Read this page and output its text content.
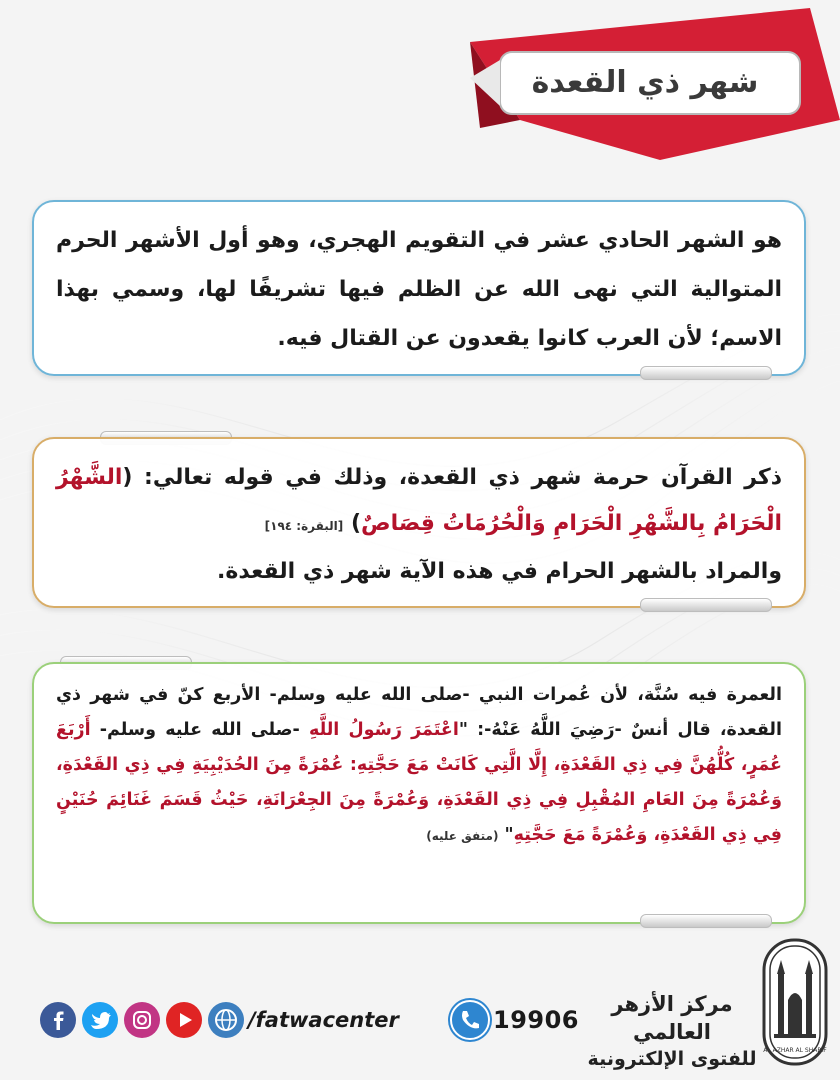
شهر ذي القعدة
هو الشهر الحادي عشر في التقويم الهجري، وهو أول الأشهر الحرم المتوالية التي نهى الله عن الظلم فيها تشريفًا لها، وسمي بهذا الاسم؛ لأن العرب كانوا يقعدون عن القتال فيه.
ذكر القرآن حرمة شهر ذي القعدة، وذلك في قوله تعالي: (الشَّهْرُ الْحَرَامُ بِالشَّهْرِ الْحَرَامِ وَالْحُرُمَاتُ قِصَاصٌ) [البقرة: ١٩٤]
والمراد بالشهر الحرام في هذه الآية شهر ذي القعدة.
العمرة فيه سُنَّة، لأن عُمرات النبي -صلى الله عليه وسلم- الأربع كنّ في شهر ذي القعدة، قال أنسٌ -رَضِيَ اللَّهُ عَنْهُ-: "اعْتَمَرَ رَسُولُ اللَّهِ -صلى الله عليه وسلم- أَرْبَعَ عُمَرٍ، كُلُّهُنَّ فِي ذِي القَعْدَةِ، إِلَّا الَّتِي كَانَتْ مَعَ حَجَّتِهِ: عُمْرَةً مِنَ الحُدَيْبِيَةِ فِي ذِي القَعْدَةِ، وَعُمْرَةً مِنَ العَامِ المُقْبِلِ فِي ذِي القَعْدَةِ، وَعُمْرَةً مِنَ الجِعْرَانَةِ، حَيْثُ قَسَمَ غَنَائِمَ حُنَيْنٍ فِي ذِي القَعْدَةِ، وَعُمْرَةً مَعَ حَجَّتِهِ" (متفق عليه)
AL AZHAR AL SHARIF
مركز الأزهر العالمي
للفتوى الإلكترونية
19906
/fatwacenter
